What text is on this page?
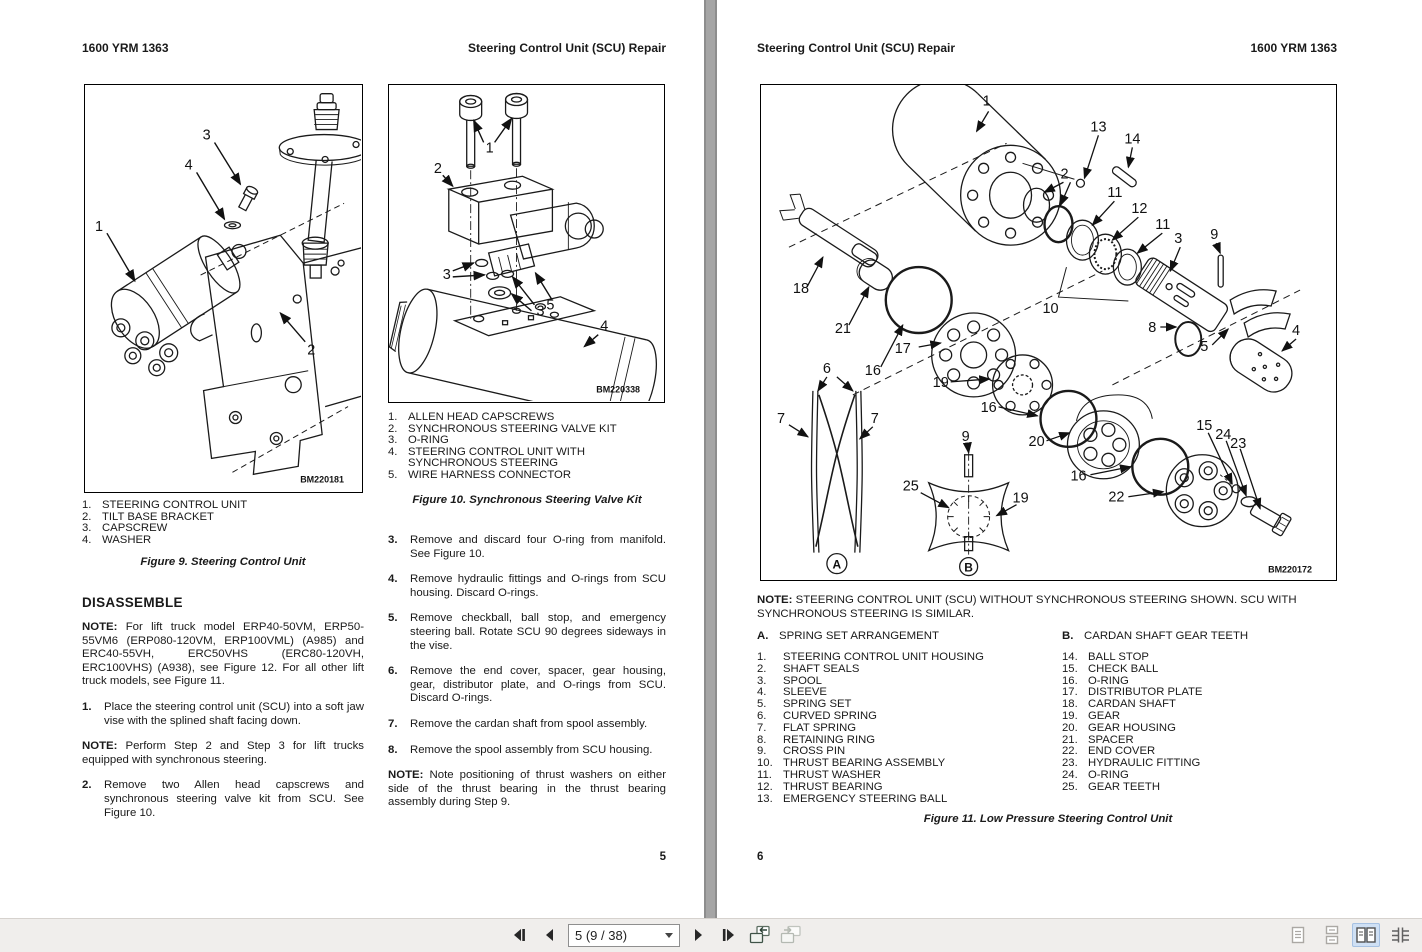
1600 YRM 1363	Steering Control Unit (SCU) Repair
3
4
1
2
BM220181
1. STEERING CONTROL UNIT
2. TILT BASE BRACKET
3. CAPSCREW
4. WASHER
Figure 9. Steering Control Unit
DISASSEMBLE

NOTE: For lift truck model ERP40-50VM, ERP50-55VM6 (ERP080-120VM, ERP100VML) (A985) and ERC40-55VH, ERC50VHS (ERC80-120VH, ERC100VHS) (A938), see Figure 12. For all other lift truck models, see Figure 11.

1.	Place the steering control unit (SCU) into a soft jaw vise with the splined shaft facing down.

NOTE: Perform Step 2 and Step 3 for lift trucks equipped with synchronous steering.

2.	Remove two Allen head capscrews and synchronous steering valve kit from SCU. See Figure 10.
1
2
3
3 5
4
BM220338
1. ALLEN HEAD CAPSCREWS
2. SYNCHRONOUS STEERING VALVE KIT
3. O-RING
4. STEERING CONTROL UNIT WITH SYNCHRONOUS STEERING
5. WIRE HARNESS CONNECTOR
Figure 10. Synchronous Steering Valve Kit
3.	Remove and discard four O-ring from manifold. See Figure 10.
4.	Remove hydraulic fittings and O-rings from SCU housing. Discard O-rings.
5.	Remove checkball, ball stop, and emergency steering ball. Rotate SCU 90 degrees sideways in the vise.
6.	Remove the end cover, spacer, gear housing, gear, distributor plate, and O-rings from SCU. Discard O-rings.
7.	Remove the cardan shaft from spool assembly.
8.	Remove the spool assembly from SCU housing.

NOTE: Note positioning of thrust washers on either side of the thrust bearing in the thrust bearing assembly during Step 9.

5
Steering Control Unit (SCU) Repair	1600 YRM 1363
1
13
14
2
11
12
11
10
3 9
8	4
5
18
21
16
17
19
16
20
16
22
15
24
23
6
7	7
9
25
19
A	B	BM220172
NOTE: STEERING CONTROL UNIT (SCU) WITHOUT SYNCHRONOUS STEERING SHOWN. SCU WITH SYNCHRONOUS STEERING IS SIMILAR.
A. SPRING SET ARRANGEMENT	B. CARDAN SHAFT GEAR TEETH
1.	STEERING CONTROL UNIT HOUSING
2.	SHAFT SEALS
3.	SPOOL
4.	SLEEVE
5.	SPRING SET
6.	CURVED SPRING
7.	FLAT SPRING
8.	RETAINING RING
9.	CROSS PIN
10. THRUST BEARING ASSEMBLY
11. THRUST WASHER
12. THRUST BEARING
13. EMERGENCY STEERING BALL
14. BALL STOP
15. CHECK BALL
16. O-RING
17. DISTRIBUTOR PLATE
18. CARDAN SHAFT
19. GEAR
20. GEAR HOUSING
21. SPACER
22. END COVER
23. HYDRAULIC FITTING
24. O-RING
25. GEAR TEETH
Figure 11. Low Pressure Steering Control Unit
6
5 (9 / 38)
